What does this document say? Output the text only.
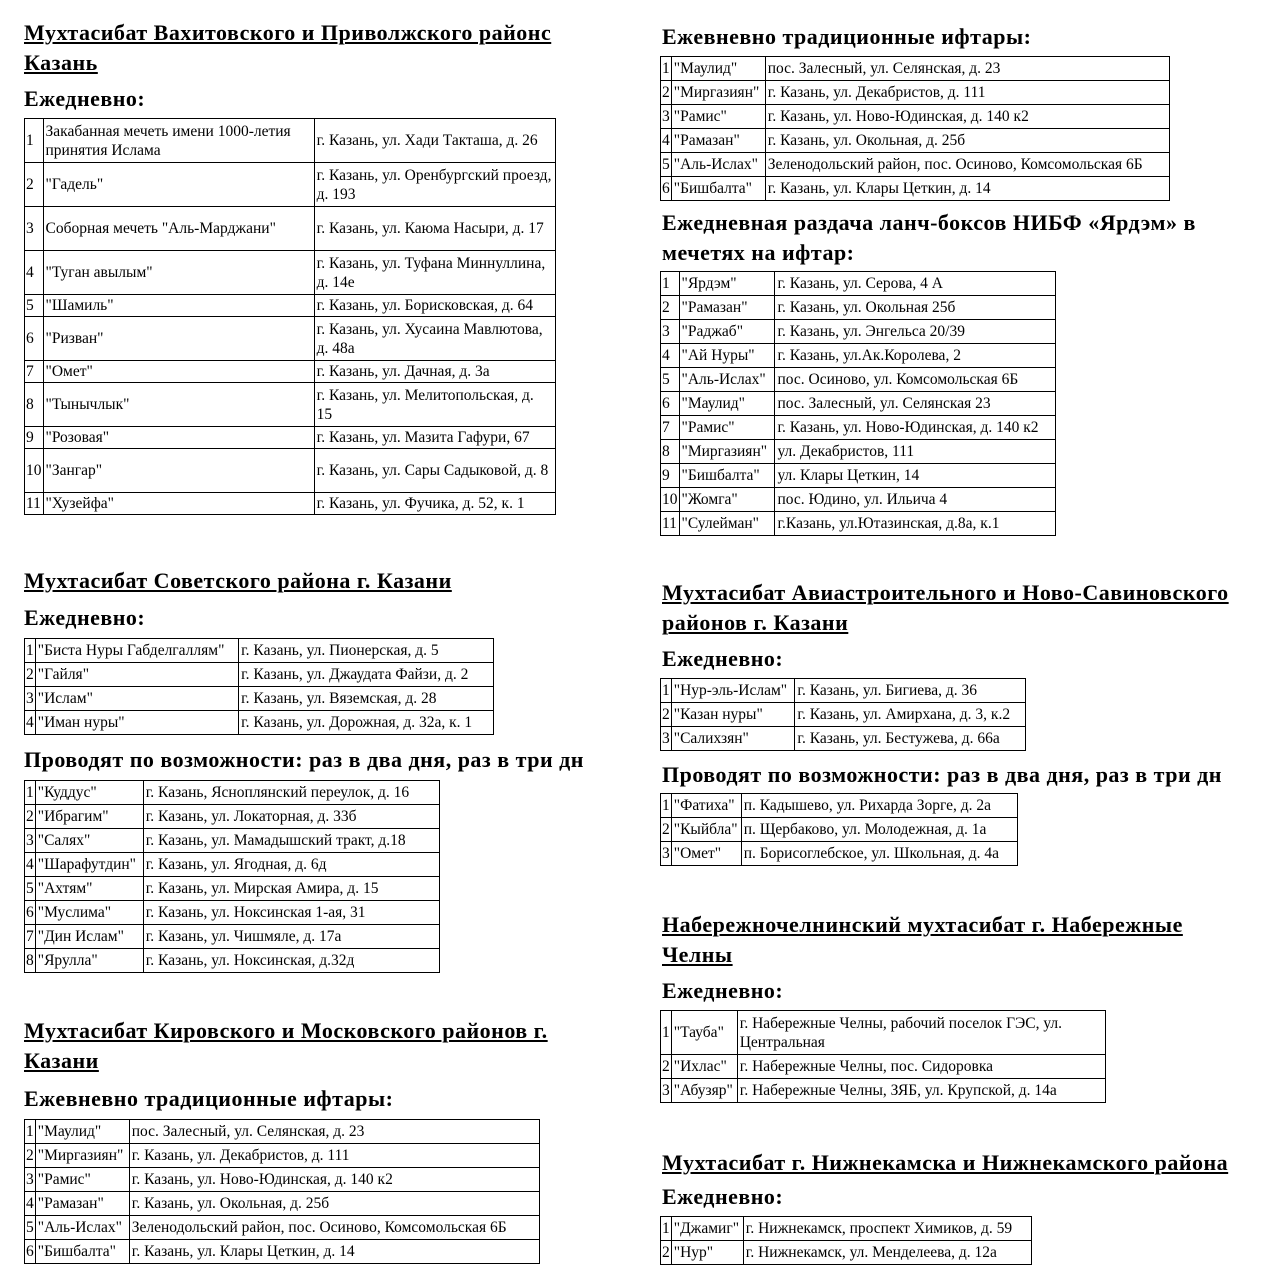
Мухтасибат Вахитовского и Приволжского районс

Казань

Ежедневно:

1	Закабанная мечеть имени 1000-летия принятия Ислама	г. Казань, ул. Хади Такташа, д. 26
2	"Гадель"	г. Казань, ул. Оренбургский проезд, д. 193
3	Соборная мечеть "Аль-Марджани"	г. Казань, ул. Каюма Насыри, д. 17
4	"Туган авылым"	г. Казань, ул. Туфана Миннуллина, д. 14е
5	"Шамиль"	г. Казань, ул. Борисковская, д. 64
6	"Ризван"	г. Казань, ул. Хусаина Мавлютова, д. 48а
7	"Омет"	г. Казань, ул. Дачная, д. 3а
8	"Тынычлык"	г. Казань, ул. Мелитопольская, д. 15
9	"Розовая"	г. Казань, ул. Мазита Гафури, 67
10	"Зангар"	г. Казань, ул. Сары Садыковой, д. 8
11	"Хузейфа"	г. Казань, ул. Фучика, д. 52, к. 1

Мухтасибат Советского района г. Казани

Ежедневно:

1	"Биста Нуры Габделгаллям"	г. Казань, ул. Пионерская, д. 5
2	"Гайля"	г. Казань, ул. Джаудата Файзи, д. 2
3	"Ислам"	г. Казань, ул. Вяземская, д. 28
4	"Иман нуры"	г. Казань, ул. Дорожная, д. 32а, к. 1

Проводят по возможности: раз в два дня, раз в три дн

1	"Куддус"	г. Казань, Ясноплянский переулок, д. 16
2	"Ибрагим"	г. Казань, ул. Локаторная, д. 33б
3	"Салях"	г. Казань, ул. Мамадышский тракт, д.18
4	"Шарафутдин"	г. Казань, ул. Ягодная, д. 6д
5	"Ахтям"	г. Казань, ул. Мирская Амира, д. 15
6	"Муслима"	г. Казань, ул. Ноксинская 1-ая, 31
7	"Дин Ислам"	г. Казань, ул. Чишмяле, д. 17а
8	"Ярулла"	г. Казань, ул. Ноксинская, д.32д

Мухтасибат Кировского и Московского районов г. Казани

Ежевневно традиционные ифтары:

1	"Маулид"	пос. Залесный, ул. Селянская, д. 23
2	"Миргазиян"	г. Казань, ул. Декабристов, д. 111
3	"Рамис"	г. Казань, ул. Ново-Юдинская, д. 140 к2
4	"Рамазан"	г. Казань, ул. Окольная, д. 25б
5	"Аль-Ислах"	Зеленодольский район, пос. Осиново, Комсомольская 6Б
6	"Бишбалта"	г. Казань, ул. Клары Цеткин, д. 14

Ежевневно традиционные ифтары:

1	"Маулид"	пос. Залесный, ул. Селянская, д. 23
2	"Миргазиян"	г. Казань, ул. Декабристов, д. 111
3	"Рамис"	г. Казань, ул. Ново-Юдинская, д. 140 к2
4	"Рамазан"	г. Казань, ул. Окольная, д. 25б
5	"Аль-Ислах"	Зеленодольский район, пос. Осиново, Комсомольская 6Б
6	"Бишбалта"	г. Казань, ул. Клары Цеткин, д. 14

Ежедневная раздача ланч-боксов НИБФ «Ярдэм» в мечетях на ифтар:

1	"Ярдэм"	г. Казань, ул. Серова, 4 А
2	"Рамазан"	г. Казань, ул. Окольная 25б
3	"Раджаб"	г. Казань, ул. Энгельса 20/39
4	"Ай Нуры"	г. Казань, ул.Ак.Королева, 2
5	"Аль-Ислах"	пос. Осиново, ул. Комсомольская 6Б
6	"Маулид"	пос. Залесный, ул. Селянская 23
7	"Рамис"	г. Казань, ул. Ново-Юдинская, д. 140 к2
8	"Миргазиян"	ул. Декабристов, 111
9	"Бишбалта"	ул. Клары Цеткин, 14
10	"Жомга"	пос. Юдино, ул. Ильича 4
11	"Сулейман"	г.Казань, ул.Ютазинская, д.8а, к.1

Мухтасибат Авиастроительного и Ново-Савиновского районов г. Казани

Ежедневно:

1	"Нур-эль-Ислам"	г. Казань, ул. Бигиева, д. 36
2	"Казан нуры"	г. Казань, ул. Амирхана, д. 3, к.2
3	"Салихзян"	г. Казань, ул. Бестужева, д. 66а

Проводят по возможности: раз в два дня, раз в три дн

1	"Фатиха"	п. Кадышево, ул. Рихарда Зорге, д. 2а
2	"Кыйбла"	п. Щербаково, ул. Молодежная, д. 1а
3	"Омет"	п. Борисоглебское, ул. Школьная, д. 4а

Набережночелнинский мухтасибат г. Набережные Челны

Ежедневно:

1	"Тауба"	г. Набережные Челны, рабочий поселок ГЭС, ул. Центральная
2	"Ихлас"	г. Набережные Челны, пос. Сидоровка
3	"Абузяр"	г. Набережные Челны, ЗЯБ, ул. Крупской, д. 14а

Мухтасибат г. Нижнекамска и Нижнекамского района

Ежедневно:

1	"Джамиг"	г. Нижнекамск, проспект Химиков, д. 59
2	"Нур"	г. Нижнекамск, ул. Менделеева, д. 12а
